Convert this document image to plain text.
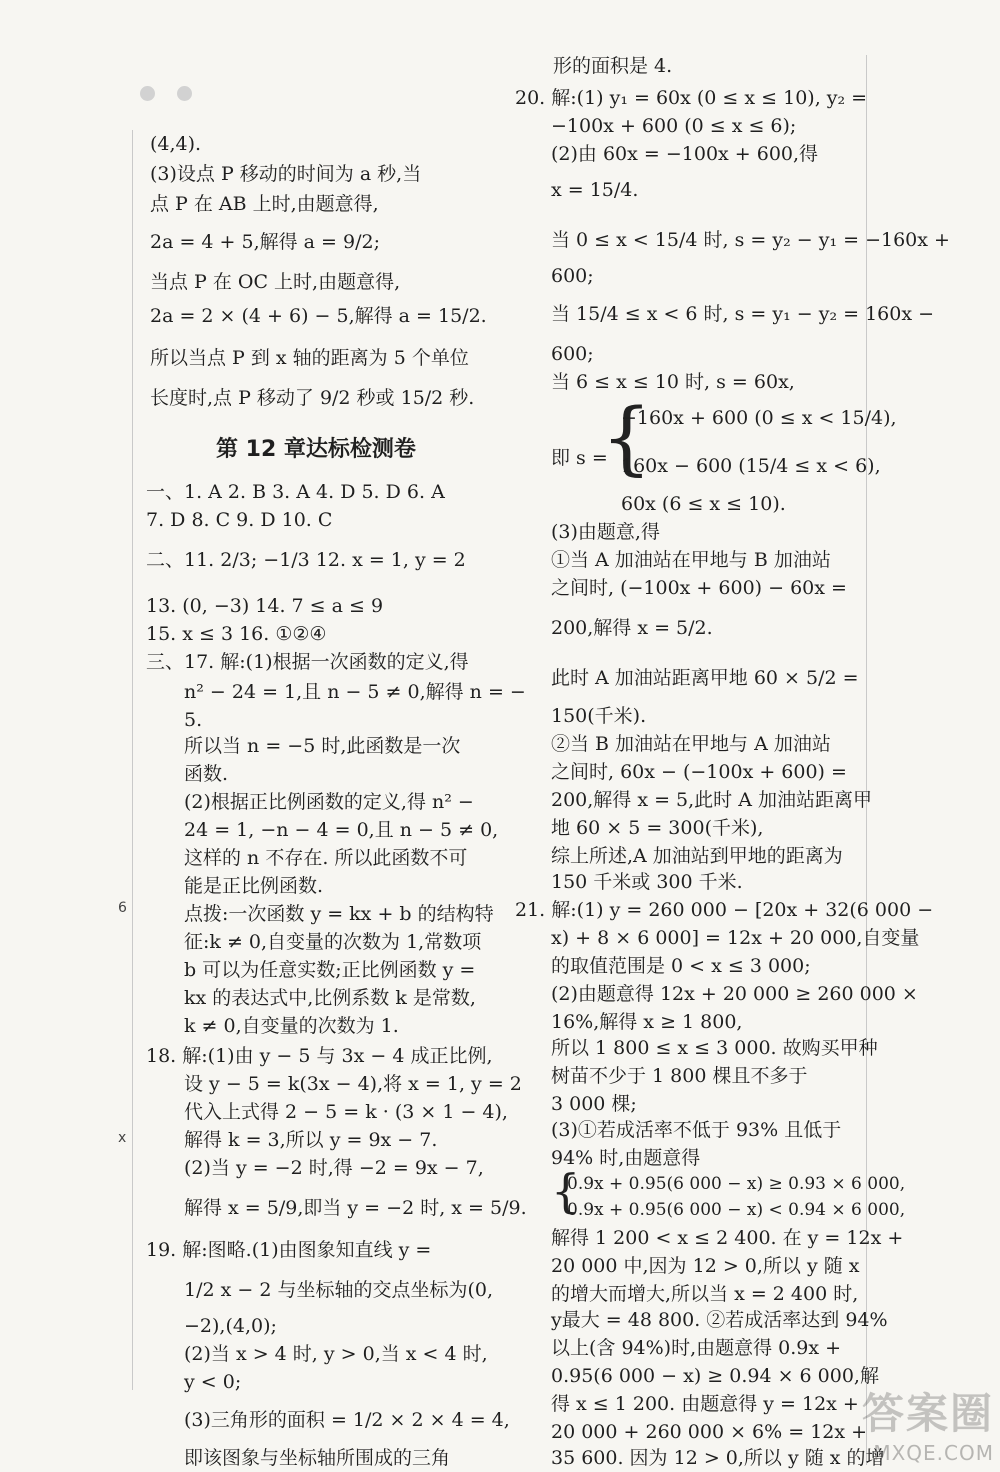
6
x
(4,4).
(3)设点 P 移动的时间为 a 秒,当
点 P 在 AB 上时,由题意得,
2a = 4 + 5,解得 a = 9/2;
当点 P 在 OC 上时,由题意得,
2a = 2 × (4 + 6) − 5,解得 a = 15/2.
所以当点 P 到 x 轴的距离为 5 个单位
长度时,点 P 移动了 9/2 秒或 15/2 秒.
第 12 章达标检测卷
一、1. A 2. B 3. A 4. D 5. D 6. A
7. D 8. C 9. D 10. C
二、11. 2/3; −1/3 12. x = 1, y = 2
13. (0, −3) 14. 7 ≤ a ≤ 9
15. x ≤ 3 16. ①②④
三、17. 解:(1)根据一次函数的定义,得
n² − 24 = 1,且 n − 5 ≠ 0,解得 n = −
5.
所以当 n = −5 时,此函数是一次
函数.
(2)根据正比例函数的定义,得 n² −
24 = 1, −n − 4 = 0,且 n − 5 ≠ 0,
这样的 n 不存在. 所以此函数不可
能是正比例函数.
点拨:一次函数 y = kx + b 的结构特
征:k ≠ 0,自变量的次数为 1,常数项
b 可以为任意实数;正比例函数 y =
kx 的表达式中,比例系数 k 是常数,
k ≠ 0,自变量的次数为 1.
18. 解:(1)由 y − 5 与 3x − 4 成正比例,
设 y − 5 = k(3x − 4),将 x = 1, y = 2
代入上式得 2 − 5 = k · (3 × 1 − 4),
解得 k = 3,所以 y = 9x − 7.
(2)当 y = −2 时,得 −2 = 9x − 7,
解得 x = 5/9,即当 y = −2 时, x = 5/9.
19. 解:图略.(1)由图象知直线 y =
1/2 x − 2 与坐标轴的交点坐标为(0,
−2),(4,0);
(2)当 x > 4 时, y > 0,当 x < 4 时,
y < 0;
(3)三角形的面积 = 1/2 × 2 × 4 = 4,
即该图象与坐标轴所围成的三角
形的面积是 4.
20. 解:(1) y₁ = 60x (0 ≤ x ≤ 10), y₂ =
−100x + 600 (0 ≤ x ≤ 6);
(2)由 60x = −100x + 600,得
x = 15/4.
当 0 ≤ x < 15/4 时, s = y₂ − y₁ = −160x +
600;
当 15/4 ≤ x < 6 时, s = y₁ − y₂ = 160x −
600;
当 6 ≤ x ≤ 10 时, s = 60x,
即 s =
{
−160x + 600 (0 ≤ x < 15/4),
160x − 600 (15/4 ≤ x < 6),
60x (6 ≤ x ≤ 10).
(3)由题意,得
①当 A 加油站在甲地与 B 加油站
之间时, (−100x + 600) − 60x =
200,解得 x = 5/2.
此时 A 加油站距离甲地 60 × 5/2 =
150(千米).
②当 B 加油站在甲地与 A 加油站
之间时, 60x − (−100x + 600) =
200,解得 x = 5,此时 A 加油站距离甲
地 60 × 5 = 300(千米),
综上所述,A 加油站到甲地的距离为
150 千米或 300 千米.
21. 解:(1) y = 260 000 − [20x + 32(6 000 −
x) + 8 × 6 000] = 12x + 20 000,自变量
的取值范围是 0 < x ≤ 3 000;
(2)由题意得 12x + 20 000 ≥ 260 000 ×
16%,解得 x ≥ 1 800,
所以 1 800 ≤ x ≤ 3 000. 故购买甲种
树苗不少于 1 800 棵且不多于
3 000 棵;
(3)①若成活率不低于 93% 且低于
94% 时,由题意得
{
0.9x + 0.95(6 000 − x) ≥ 0.93 × 6 000,
0.9x + 0.95(6 000 − x) < 0.94 × 6 000,
解得 1 200 < x ≤ 2 400. 在 y = 12x +
20 000 中,因为 12 > 0,所以 y 随 x
的增大而增大,所以当 x = 2 400 时,
y最大 = 48 800. ②若成活率达到 94%
以上(含 94%)时,由题意得 0.9x +
0.95(6 000 − x) ≥ 0.94 × 6 000,解
得 x ≤ 1 200. 由题意得 y = 12x +
20 000 + 260 000 × 6% = 12x +
35 600. 因为 12 > 0,所以 y 随 x 的增
答案圈
MXQE.COM
